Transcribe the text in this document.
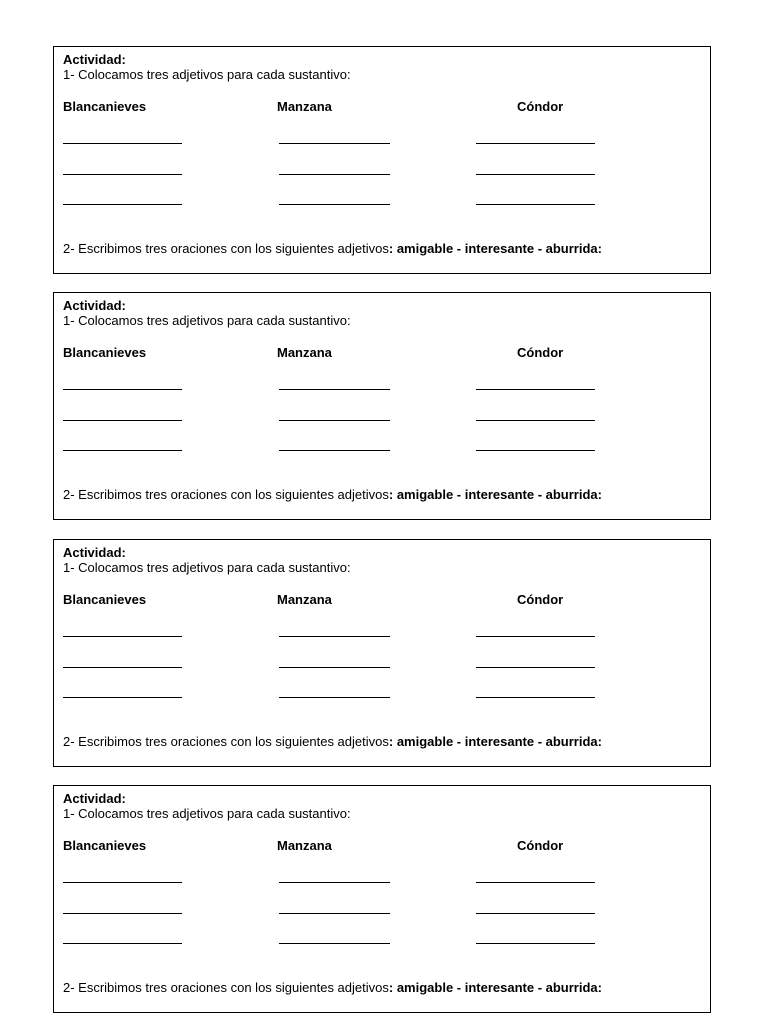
Actividad:
1- Colocamos tres adjetivos para cada sustantivo:
Blancanieves	Manzana	Cóndor
2- Escribimos tres oraciones con los siguientes adjetivos: amigable - interesante - aburrida:
Actividad:
1- Colocamos tres adjetivos para cada sustantivo:
Blancanieves	Manzana	Cóndor
2- Escribimos tres oraciones con los siguientes adjetivos: amigable - interesante - aburrida:
Actividad:
1- Colocamos tres adjetivos para cada sustantivo:
Blancanieves	Manzana	Cóndor
2- Escribimos tres oraciones con los siguientes adjetivos: amigable - interesante - aburrida:
Actividad:
1- Colocamos tres adjetivos para cada sustantivo:
Blancanieves	Manzana	Cóndor
2- Escribimos tres oraciones con los siguientes adjetivos: amigable - interesante - aburrida:
